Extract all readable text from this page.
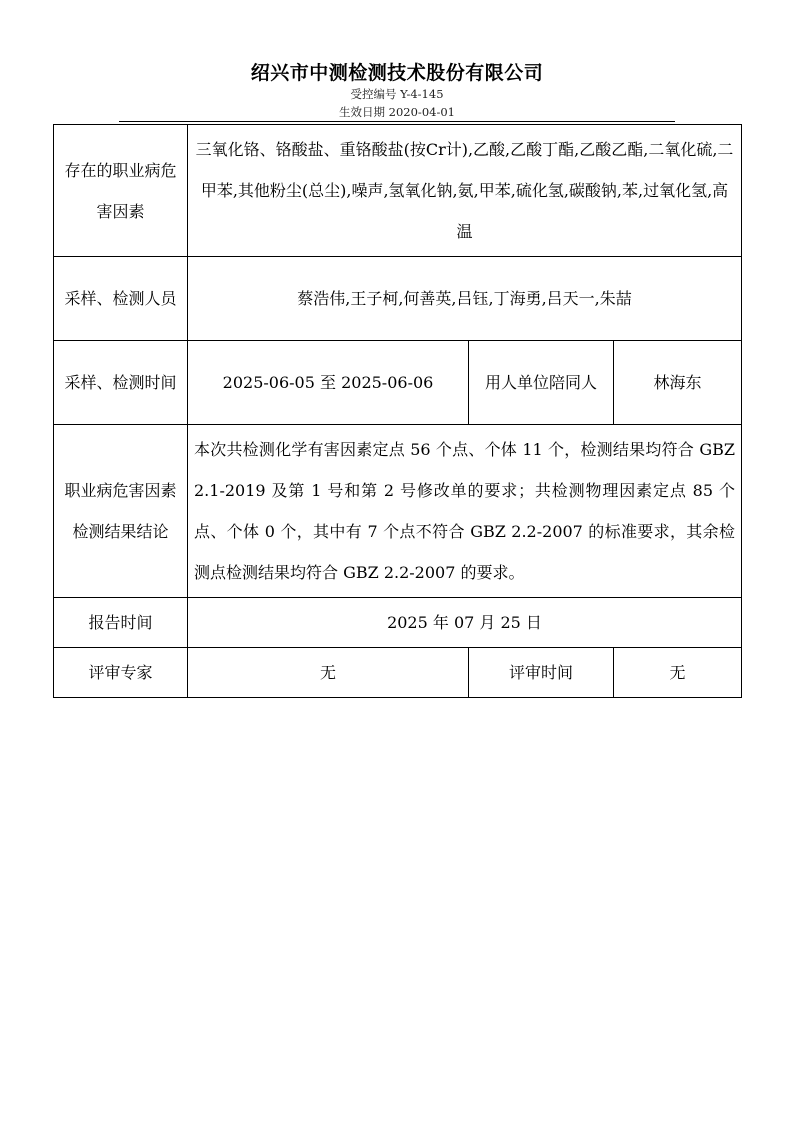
绍兴市中测检测技术股份有限公司
受控编号 Y-4-145
生效日期 2020-04-01
存在的职业病危害因素	三氧化铬、铬酸盐、重铬酸盐(按Cr计),乙酸,乙酸丁酯,乙酸乙酯,二氧化硫,二甲苯,其他粉尘(总尘),噪声,氢氧化钠,氨,甲苯,硫化氢,碳酸钠,苯,过氧化氢,高温		
采样、检测人员	蔡浩伟,王子柯,何善英,吕钰,丁海勇,吕天一,朱喆		
采样、检测时间	2025-06-05 至 2025-06-06	用人单位陪同人	林海东
职业病危害因素检测结果结论	本次共检测化学有害因素定点 56 个点、个体 11 个，检测结果均符合 GBZ 2.1-2019 及第 1 号和第 2 号修改单的要求；共检测物理因素定点 85 个点、个体 0 个，其中有 7 个点不符合 GBZ 2.2-2007 的标准要求，其余检测点检测结果均符合 GBZ 2.2-2007 的要求。		
报告时间	2025 年 07 月 25 日		
评审专家	无	评审时间	无
